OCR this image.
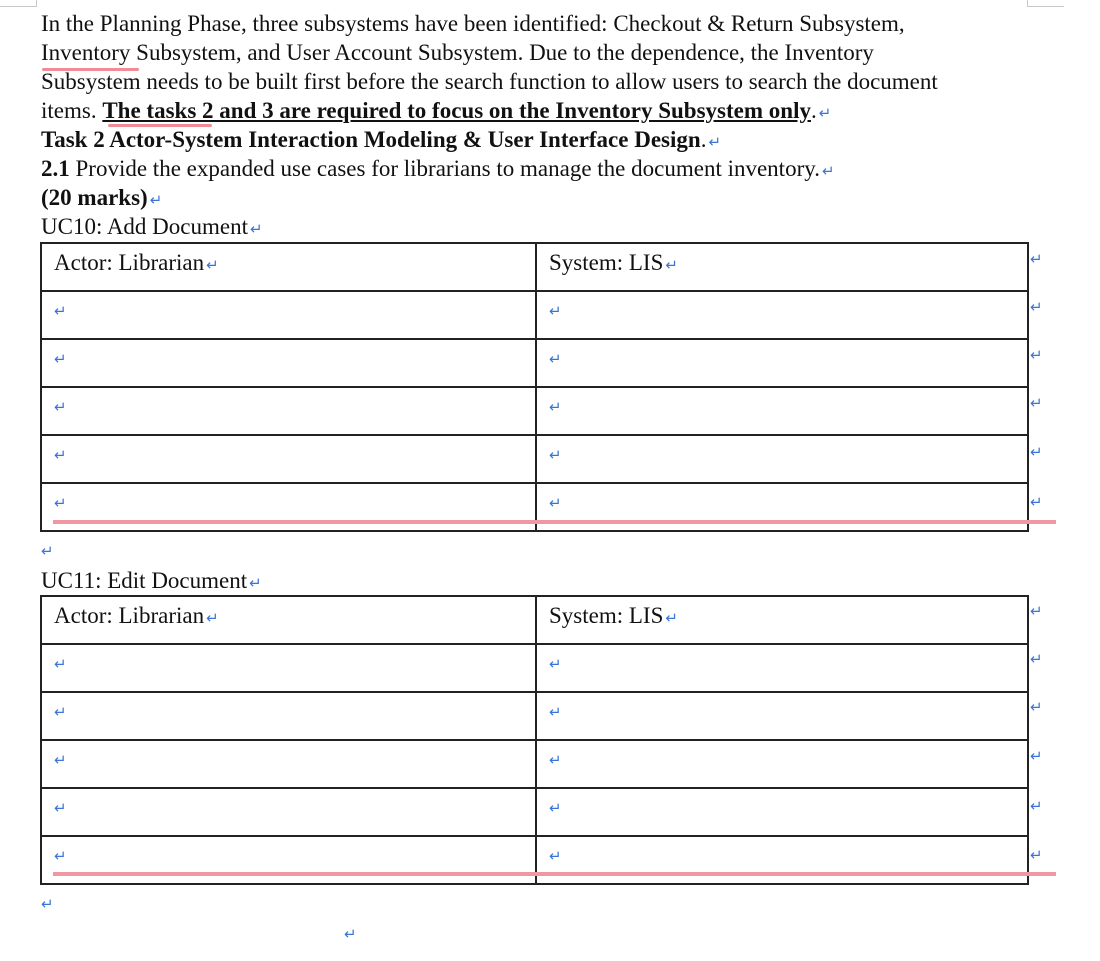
In the Planning Phase, three subsystems have been identified: Checkout & Return Subsystem,
Inventory Subsystem, and User Account Subsystem. Due to the dependence, the Inventory
Subsystem needs to be built first before the search function to allow users to search the document
items. The tasks 2 and 3 are required to focus on the Inventory Subsystem only. ↵
Task 2 Actor-System Interaction Modeling & User Interface Design. ↵
2.1 Provide the expanded use cases for librarians to manage the document inventory. ↵
(20 marks) ↵
UC10: Add Document ↵
Actor: Librarian ↵	System: LIS ↵

↵	↵

↵	↵

↵	↵

↵	↵

↵	↵
↵
↵
↵
↵
↵
↵
↵
UC11: Edit Document ↵
Actor: Librarian ↵	System: LIS ↵

↵	↵

↵	↵

↵	↵

↵	↵

↵	↵
↵
↵
↵
↵
↵
↵
↵
↵
